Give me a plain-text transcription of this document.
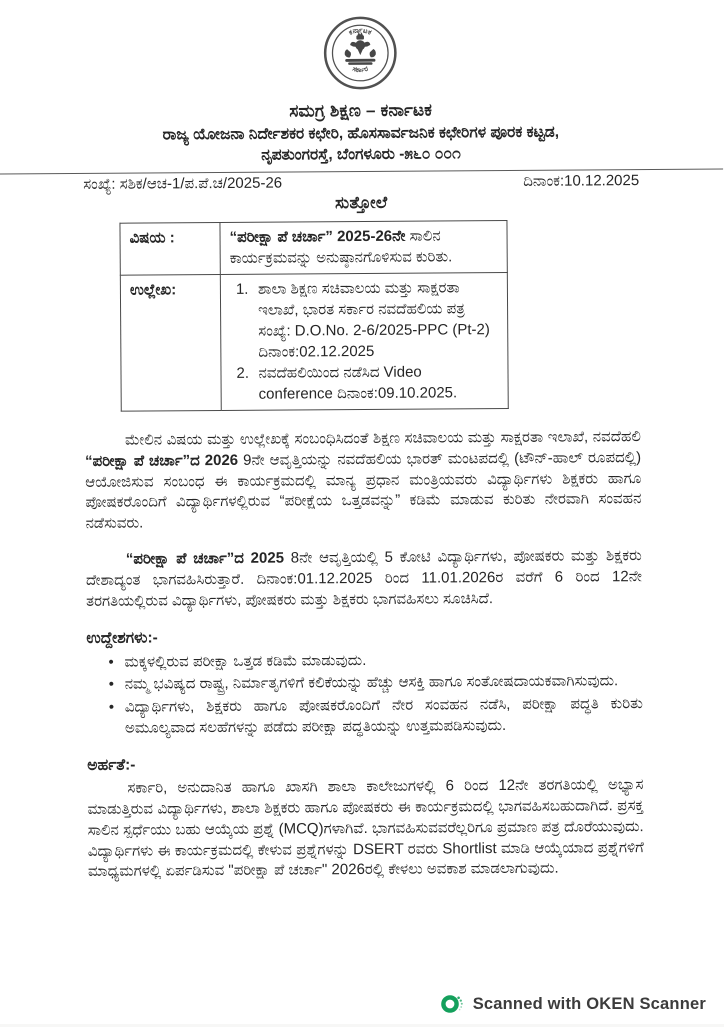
ಕರ್ನಾಟಕ
ಸರ್ಕಾರ
ಸಮಗ್ರ ಶಿಕ್ಷಣ – ಕರ್ನಾಟಕ
ರಾಜ್ಯ ಯೋಜನಾ ನಿರ್ದೇಶಕರ ಕಛೇರಿ, ಹೊಸಸಾರ್ವಜನಿಕ ಕಛೇರಿಗಳ ಪೂರಕ ಕಟ್ಟಡ,
ನೃಪತುಂಗರಸ್ತೆ, ಬೆಂಗಳೂರು -೫೬೦ ೦೦೧
ಸಂಖ್ಯೆ: ಸಶಿಕ/ಆಚ-1/ಪ.ಪೆ.ಚ/2025-26	ದಿನಾಂಕ:10.12.2025
ಸುತ್ತೋಲೆ
ವಿಷಯ :	“ಪರೀಕ್ಷಾ ಪೆ ಚರ್ಚಾ” 2025-26ನೇ ಸಾಲಿನ ಕಾರ್ಯಕ್ರಮವನ್ನು ಅನುಷ್ಠಾನಗೊಳಿಸುವ ಕುರಿತು.
ಉಲ್ಲೇಖ:	1. ಶಾಲಾ ಶಿಕ್ಷಣ ಸಚಿವಾಲಯ ಮತ್ತು ಸಾಕ್ಷರತಾ ಇಲಾಖೆ, ಭಾರತ ಸರ್ಕಾರ ನವದೆಹಲಿಯ ಪತ್ರ ಸಂಖ್ಯೆ: D.O.No. 2-6/2025-PPC (Pt-2) ದಿನಾಂಕ:02.12.2025
2. ನವದೆಹಲಿಯಿಂದ ನಡೆಸಿದ Video conference ದಿನಾಂಕ:09.10.2025.

ಮೇಲಿನ ವಿಷಯ ಮತ್ತು ಉಲ್ಲೇಖಕ್ಕೆ ಸಂಬಂಧಿಸಿದಂತೆ ಶಿಕ್ಷಣ ಸಚಿವಾಲಯ ಮತ್ತು ಸಾಕ್ಷರತಾ ಇಲಾಖೆ, ನವದೆಹಲಿ “ಪರೀಕ್ಷಾ ಪೆ ಚರ್ಚಾ”ದ 2026 9ನೇ ಆವೃತ್ತಿಯನ್ನು ನವದೆಹಲಿಯ ಭಾರತ್ ಮಂಟಪದಲ್ಲಿ (ಟೌನ್-ಹಾಲ್ ರೂಪದಲ್ಲಿ) ಆಯೋಜಿಸುವ ಸಂಬಂಧ ಈ ಕಾರ್ಯಕ್ರಮದಲ್ಲಿ ಮಾನ್ಯ ಪ್ರಧಾನ ಮಂತ್ರಿಯವರು ವಿದ್ಯಾರ್ಥಿಗಳು ಶಿಕ್ಷಕರು ಹಾಗೂ ಪೋಷಕರೊಂದಿಗೆ ವಿದ್ಯಾರ್ಥಿಗಳಲ್ಲಿರುವ “ಪರೀಕ್ಷೆಯ ಒತ್ತಡವನ್ನು” ಕಡಿಮೆ ಮಾಡುವ ಕುರಿತು ನೇರವಾಗಿ ಸಂವಹನ ನಡೆಸುವರು.

“ಪರೀಕ್ಷಾ ಪೆ ಚರ್ಚಾ”ದ 2025 8ನೇ ಆವೃತ್ತಿಯಲ್ಲಿ 5 ಕೋಟಿ ವಿದ್ಯಾರ್ಥಿಗಳು, ಪೋಷಕರು ಮತ್ತು ಶಿಕ್ಷಕರು ದೇಶಾದ್ಯಂತ ಭಾಗವಹಿಸಿರುತ್ತಾರೆ. ದಿನಾಂಕ:01.12.2025 ರಿಂದ 11.01.2026ರ ವರೆಗೆ 6 ರಿಂದ 12ನೇ ತರಗತಿಯಲ್ಲಿರುವ ವಿದ್ಯಾರ್ಥಿಗಳು, ಪೋಷಕರು ಮತ್ತು ಶಿಕ್ಷಕರು ಭಾಗವಹಿಸಲು ಸೂಚಿಸಿದೆ.

ಉದ್ದೇಶಗಳು:-
• ಮಕ್ಕಳಲ್ಲಿರುವ ಪರೀಕ್ಷಾ ಒತ್ತಡ ಕಡಿಮೆ ಮಾಡುವುದು.
• ನಮ್ಮ ಭವಿಷ್ಯದ ರಾಷ್ಟ್ರ, ನಿರ್ಮಾತೃಗಳಿಗೆ ಕಲಿಕೆಯನ್ನು ಹೆಚ್ಚು ಆಸಕ್ತಿ ಹಾಗೂ ಸಂತೋಷದಾಯಕವಾಗಿಸುವುದು.
• ವಿದ್ಯಾರ್ಥಿಗಳು, ಶಿಕ್ಷಕರು ಹಾಗೂ ಪೋಷಕರೊಂದಿಗೆ ನೇರ ಸಂವಹನ ನಡೆಸಿ, ಪರೀಕ್ಷಾ ಪದ್ಧತಿ ಕುರಿತು ಅಮೂಲ್ಯವಾದ ಸಲಹೆಗಳನ್ನು ಪಡೆದು ಪರೀಕ್ಷಾ ಪದ್ಧತಿಯನ್ನು ಉತ್ತಮಪಡಿಸುವುದು.
ಅರ್ಹತೆ:-

ಸರ್ಕಾರಿ, ಅನುದಾನಿತ ಹಾಗೂ ಖಾಸಗಿ ಶಾಲಾ ಕಾಲೇಜುಗಳಲ್ಲಿ 6 ರಿಂದ 12ನೇ ತರಗತಿಯಲ್ಲಿ ಅಭ್ಯಾಸ ಮಾಡುತ್ತಿರುವ ವಿದ್ಯಾರ್ಥಿಗಳು, ಶಾಲಾ ಶಿಕ್ಷಕರು ಹಾಗೂ ಪೋಷಕರು ಈ ಕಾರ್ಯಕ್ರಮದಲ್ಲಿ ಭಾಗವಹಿಸಬಹುದಾಗಿದೆ. ಪ್ರಸಕ್ತ ಸಾಲಿನ ಸ್ಪರ್ಧೆಯು ಬಹು ಆಯ್ಕೆಯ ಪ್ರಶ್ನೆ (MCQ)ಗಳಾಗಿವೆ. ಭಾಗವಹಿಸುವವರೆಲ್ಲರಿಗೂ ಪ್ರಮಾಣ ಪತ್ರ ದೊರೆಯುವುದು. ವಿದ್ಯಾರ್ಥಿಗಳು ಈ ಕಾರ್ಯಕ್ರಮದಲ್ಲಿ ಕೇಳುವ ಪ್ರಶ್ನೆಗಳನ್ನು DSERT ರವರು Shortlist ಮಾಡಿ ಆಯ್ಕೆಯಾದ ಪ್ರಶ್ನೆಗಳಿಗೆ ಮಾಧ್ಯಮಗಳಲ್ಲಿ ಏರ್ಪಡಿಸುವ "ಪರೀಕ್ಷಾ ಪೆ ಚರ್ಚಾ" 2026ರಲ್ಲಿ ಕೇಳಲು ಅವಕಾಶ ಮಾಡಲಾಗುವುದು.

Scanned with OKEN Scanner
